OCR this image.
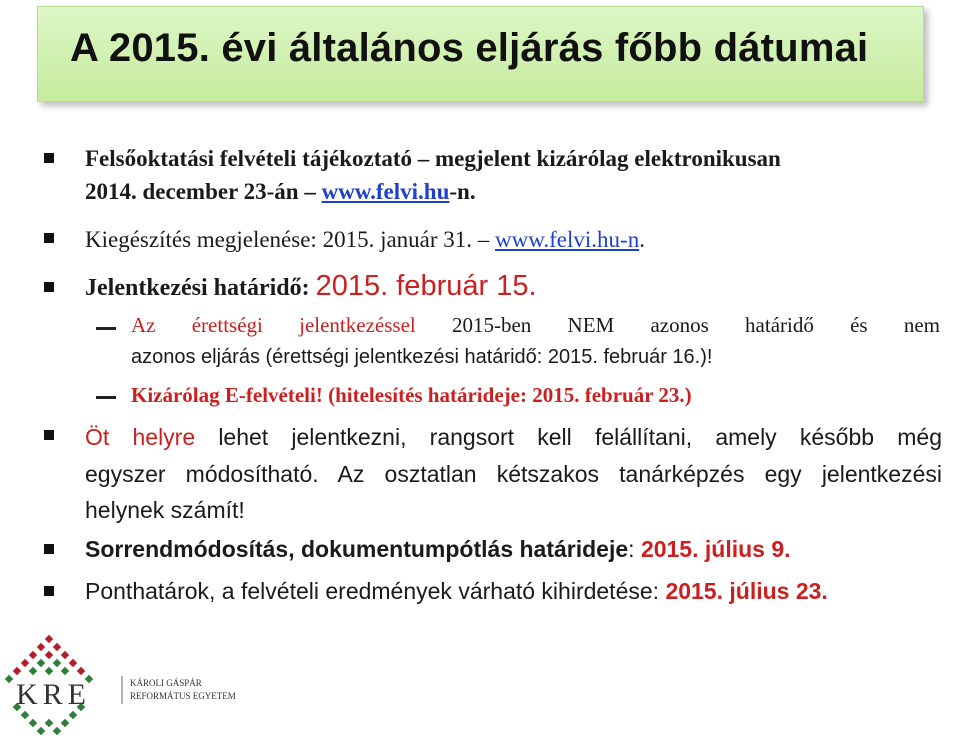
A 2015. évi általános eljárás főbb dátumai

Felsőoktatási felvételi tájékoztató – megjelent kizárólag elektronikusan

2014. december 23-án – www.felvi.hu-n.

Kiegészítés megjelenése: 2015. január 31. – www.felvi.hu-n.

Jelentkezési határidő: 2015. február 15.

Az érettségi jelentkezéssel 2015-ben NEM azonos határidő és nem

azonos eljárás (érettségi jelentkezési határidő: 2015. február 16.)!

Kizárólag E-felvételi! (hitelesítés határideje: 2015. február 23.)

Öt helyre lehet jelentkezni, rangsort kell felállítani, amely később még

egyszer módosítható. Az osztatlan kétszakos tanárképzés egy jelentkezési

helynek számít!

Sorrendmódosítás, dokumentumpótlás határideje: 2015. július 9.

Ponthatárok, a felvételi eredmények várható kihirdetése: 2015. július 23.

KRE	KÁROLI GÁSPÁR
REFORMÁTUS EGYETEM
